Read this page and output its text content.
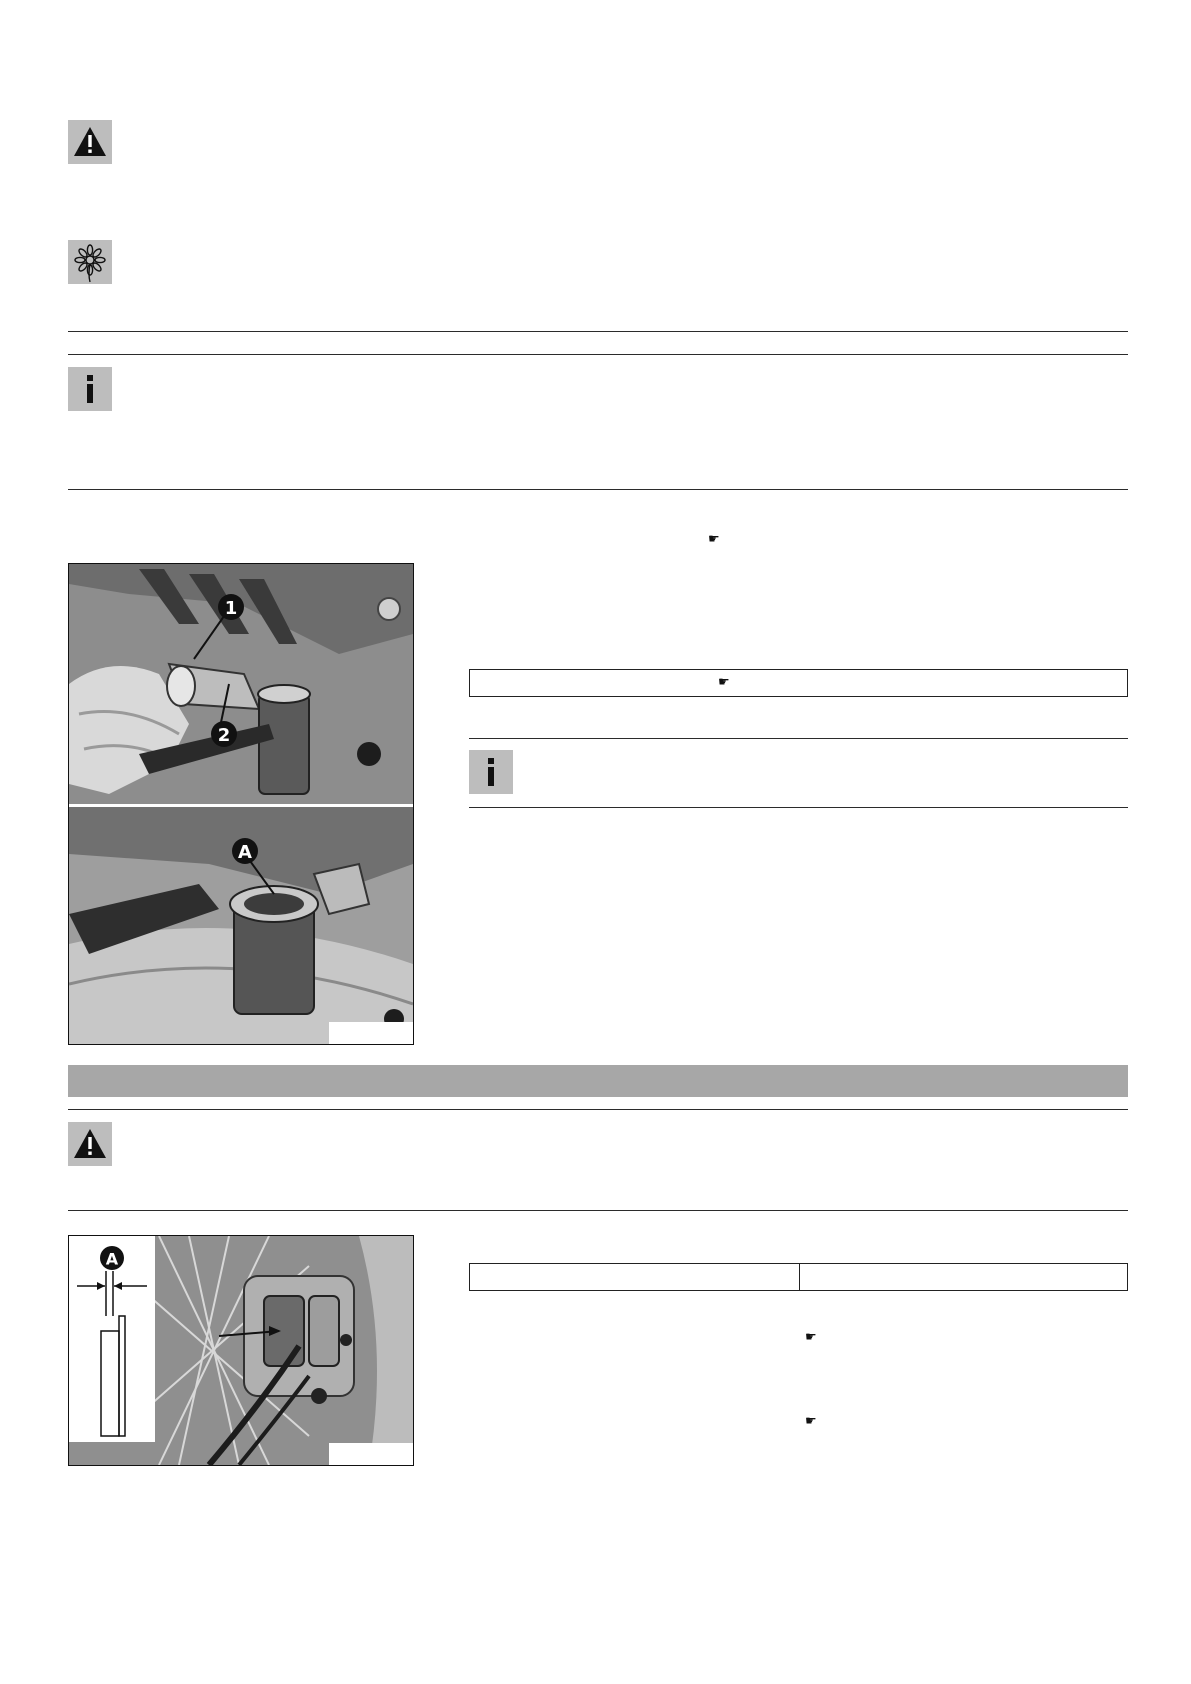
☛
1
2
A
☛
A
☛
☛
